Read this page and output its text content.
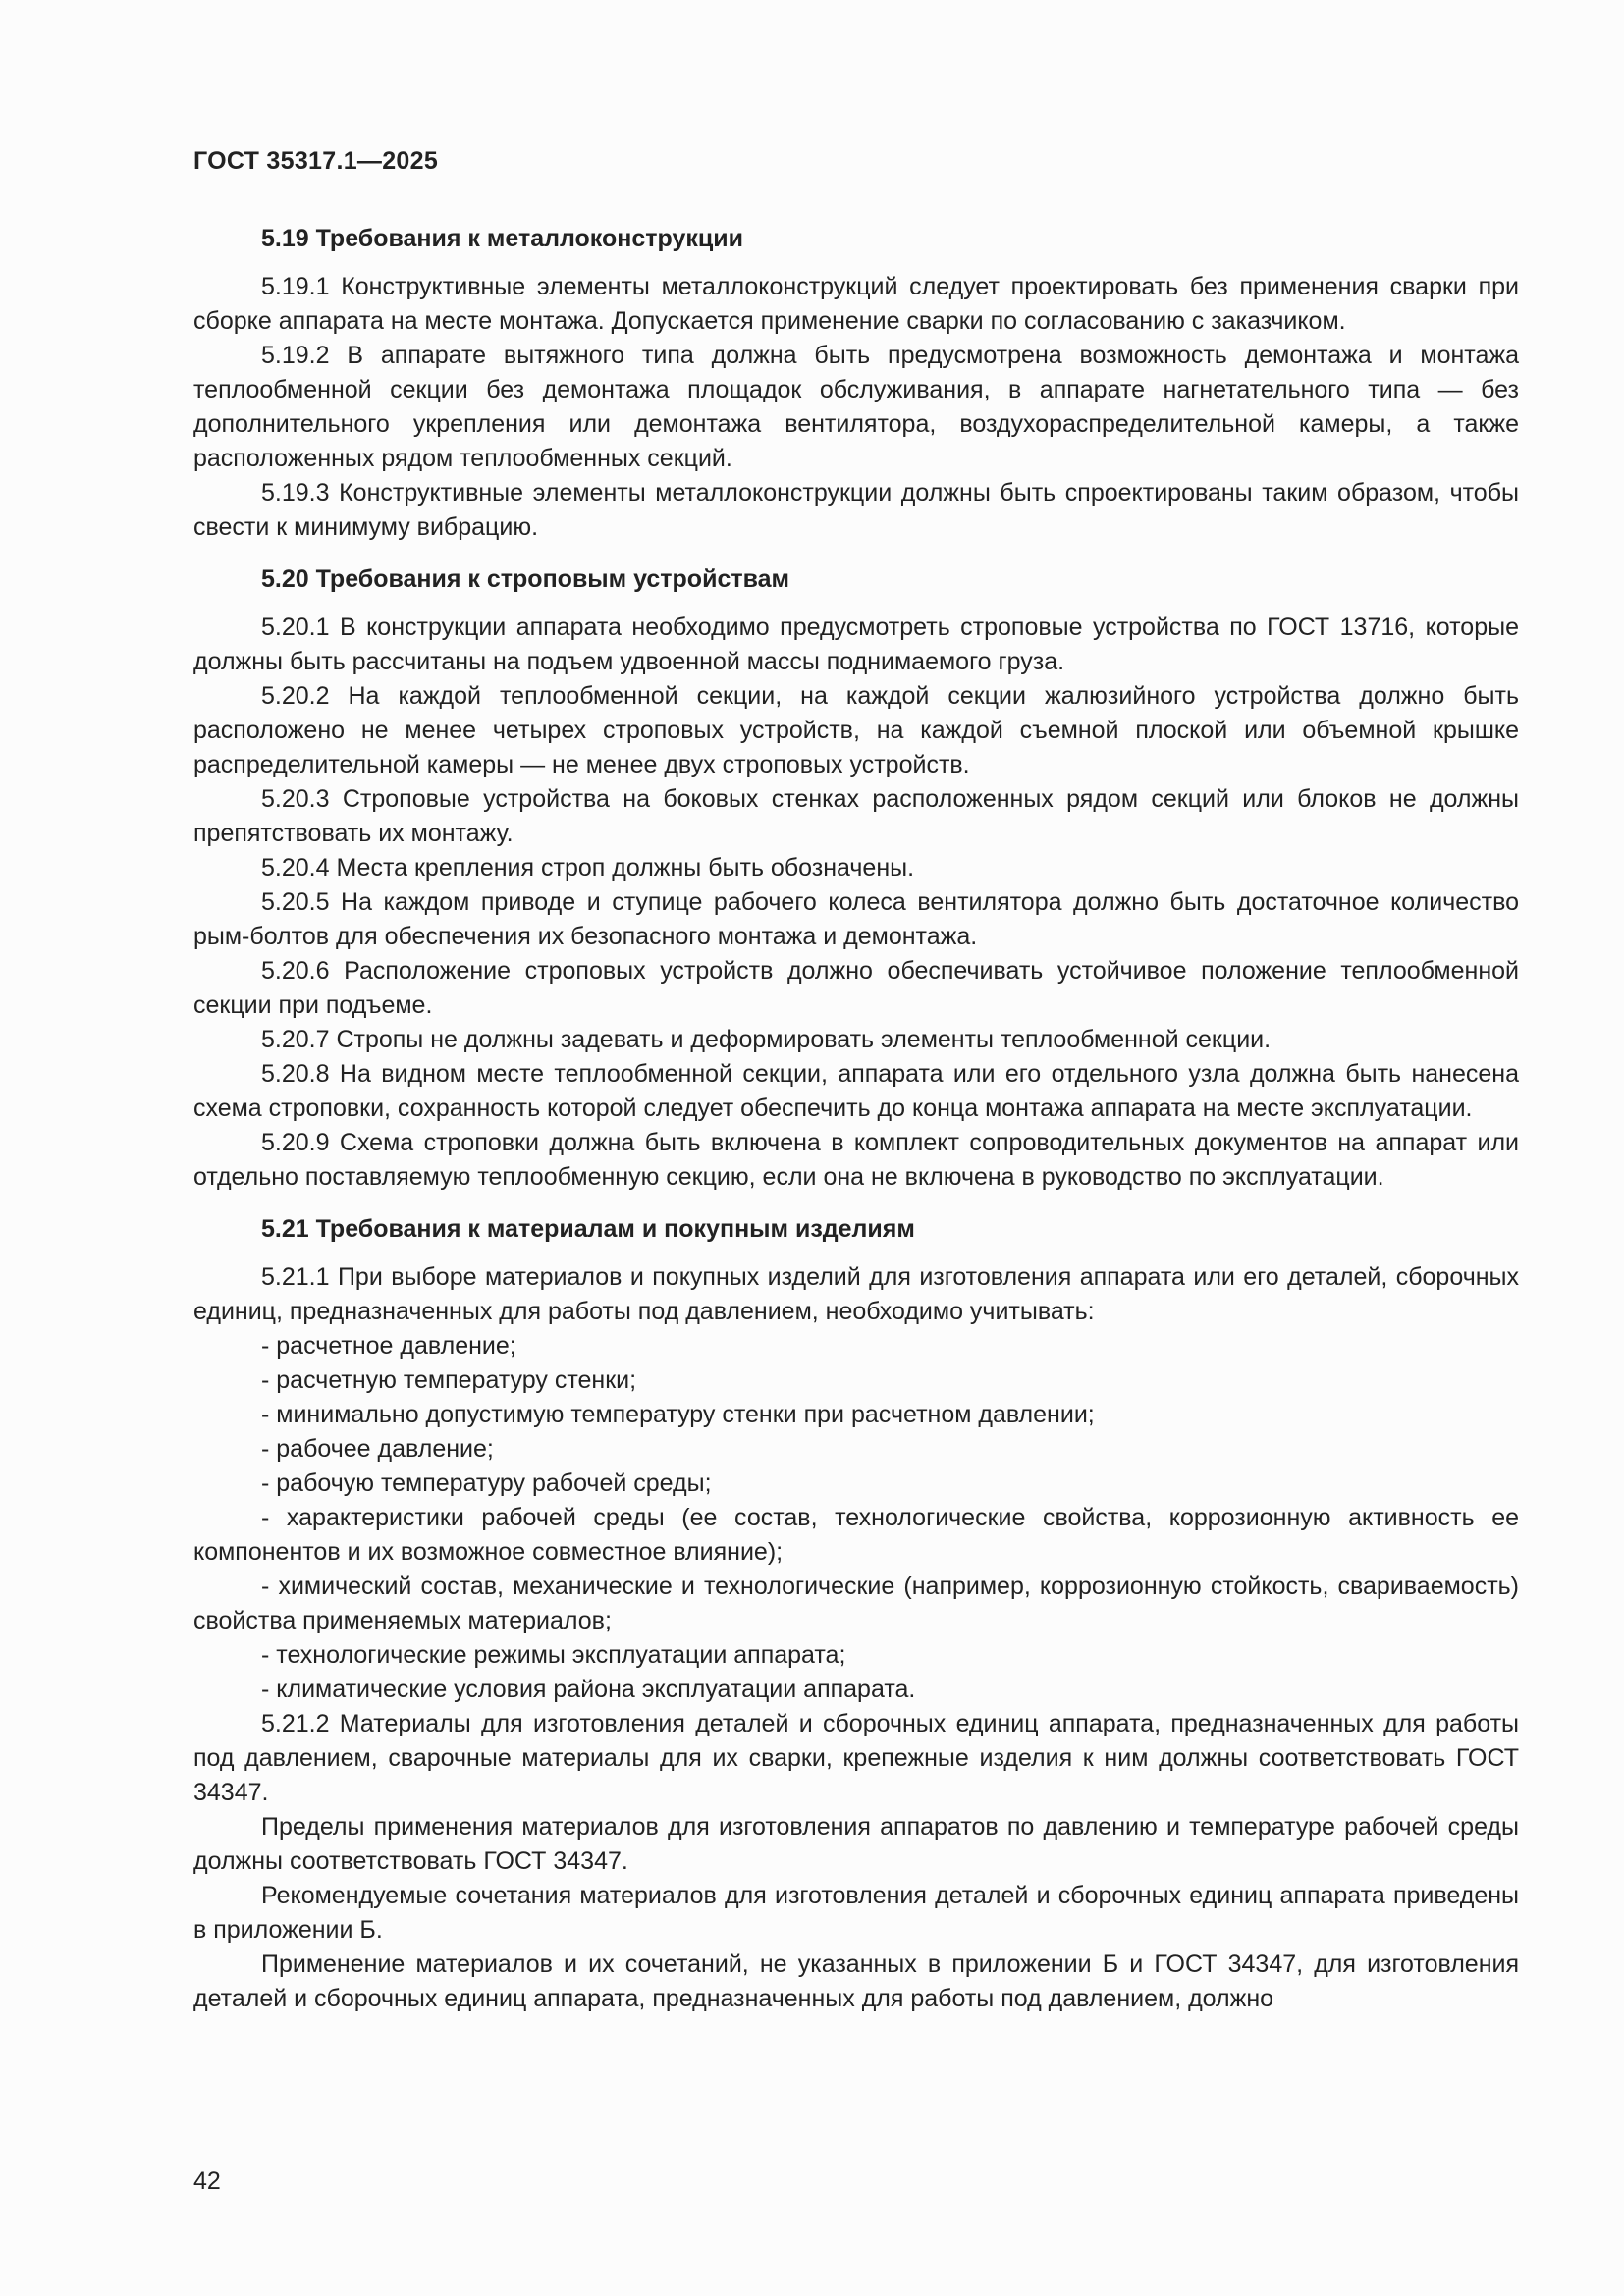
ГОСТ 35317.1—2025
5.19 Требования к металлоконструкции

5.19.1 Конструктивные элементы металлоконструкций следует проектировать без применения сварки при сборке аппарата на месте монтажа. Допускается применение сварки по согласованию с заказчиком.

5.19.2 В аппарате вытяжного типа должна быть предусмотрена возможность демонтажа и монтажа теплообменной секции без демонтажа площадок обслуживания, в аппарате нагнетательного типа — без дополнительного укрепления или демонтажа вентилятора, воздухораспределительной камеры, а также расположенных рядом теплообменных секций.

5.19.3 Конструктивные элементы металлоконструкции должны быть спроектированы таким образом, чтобы свести к минимуму вибрацию.

5.20 Требования к строповым устройствам

5.20.1 В конструкции аппарата необходимо предусмотреть строповые устройства по ГОСТ 13716, которые должны быть рассчитаны на подъем удвоенной массы поднимаемого груза.

5.20.2 На каждой теплообменной секции, на каждой секции жалюзийного устройства должно быть расположено не менее четырех строповых устройств, на каждой съемной плоской или объемной крышке распределительной камеры — не менее двух строповых устройств.

5.20.3 Строповые устройства на боковых стенках расположенных рядом секций или блоков не должны препятствовать их монтажу.

5.20.4 Места крепления строп должны быть обозначены.

5.20.5 На каждом приводе и ступице рабочего колеса вентилятора должно быть достаточное количество рым-болтов для обеспечения их безопасного монтажа и демонтажа.

5.20.6 Расположение строповых устройств должно обеспечивать устойчивое положение теплообменной секции при подъеме.

5.20.7 Стропы не должны задевать и деформировать элементы теплообменной секции.

5.20.8 На видном месте теплообменной секции, аппарата или его отдельного узла должна быть нанесена схема строповки, сохранность которой следует обеспечить до конца монтажа аппарата на месте эксплуатации.

5.20.9 Схема строповки должна быть включена в комплект сопроводительных документов на аппарат или отдельно поставляемую теплообменную секцию, если она не включена в руководство по эксплуатации.

5.21 Требования к материалам и покупным изделиям

5.21.1 При выборе материалов и покупных изделий для изготовления аппарата или его деталей, сборочных единиц, предназначенных для работы под давлением, необходимо учитывать:

- расчетное давление;

- расчетную температуру стенки;

- минимально допустимую температуру стенки при расчетном давлении;

- рабочее давление;

- рабочую температуру рабочей среды;

- характеристики рабочей среды (ее состав, технологические свойства, коррозионную активность ее компонентов и их возможное совместное влияние);

- химический состав, механические и технологические (например, коррозионную стойкость, свариваемость) свойства применяемых материалов;

- технологические режимы эксплуатации аппарата;

- климатические условия района эксплуатации аппарата.

5.21.2 Материалы для изготовления деталей и сборочных единиц аппарата, предназначенных для работы под давлением, сварочные материалы для их сварки, крепежные изделия к ним должны соответствовать ГОСТ 34347.

Пределы применения материалов для изготовления аппаратов по давлению и температуре рабочей среды должны соответствовать ГОСТ 34347.

Рекомендуемые сочетания материалов для изготовления деталей и сборочных единиц аппарата приведены в приложении Б.

Применение материалов и их сочетаний, не указанных в приложении Б и ГОСТ 34347, для изготовления деталей и сборочных единиц аппарата, предназначенных для работы под давлением, должно

42
